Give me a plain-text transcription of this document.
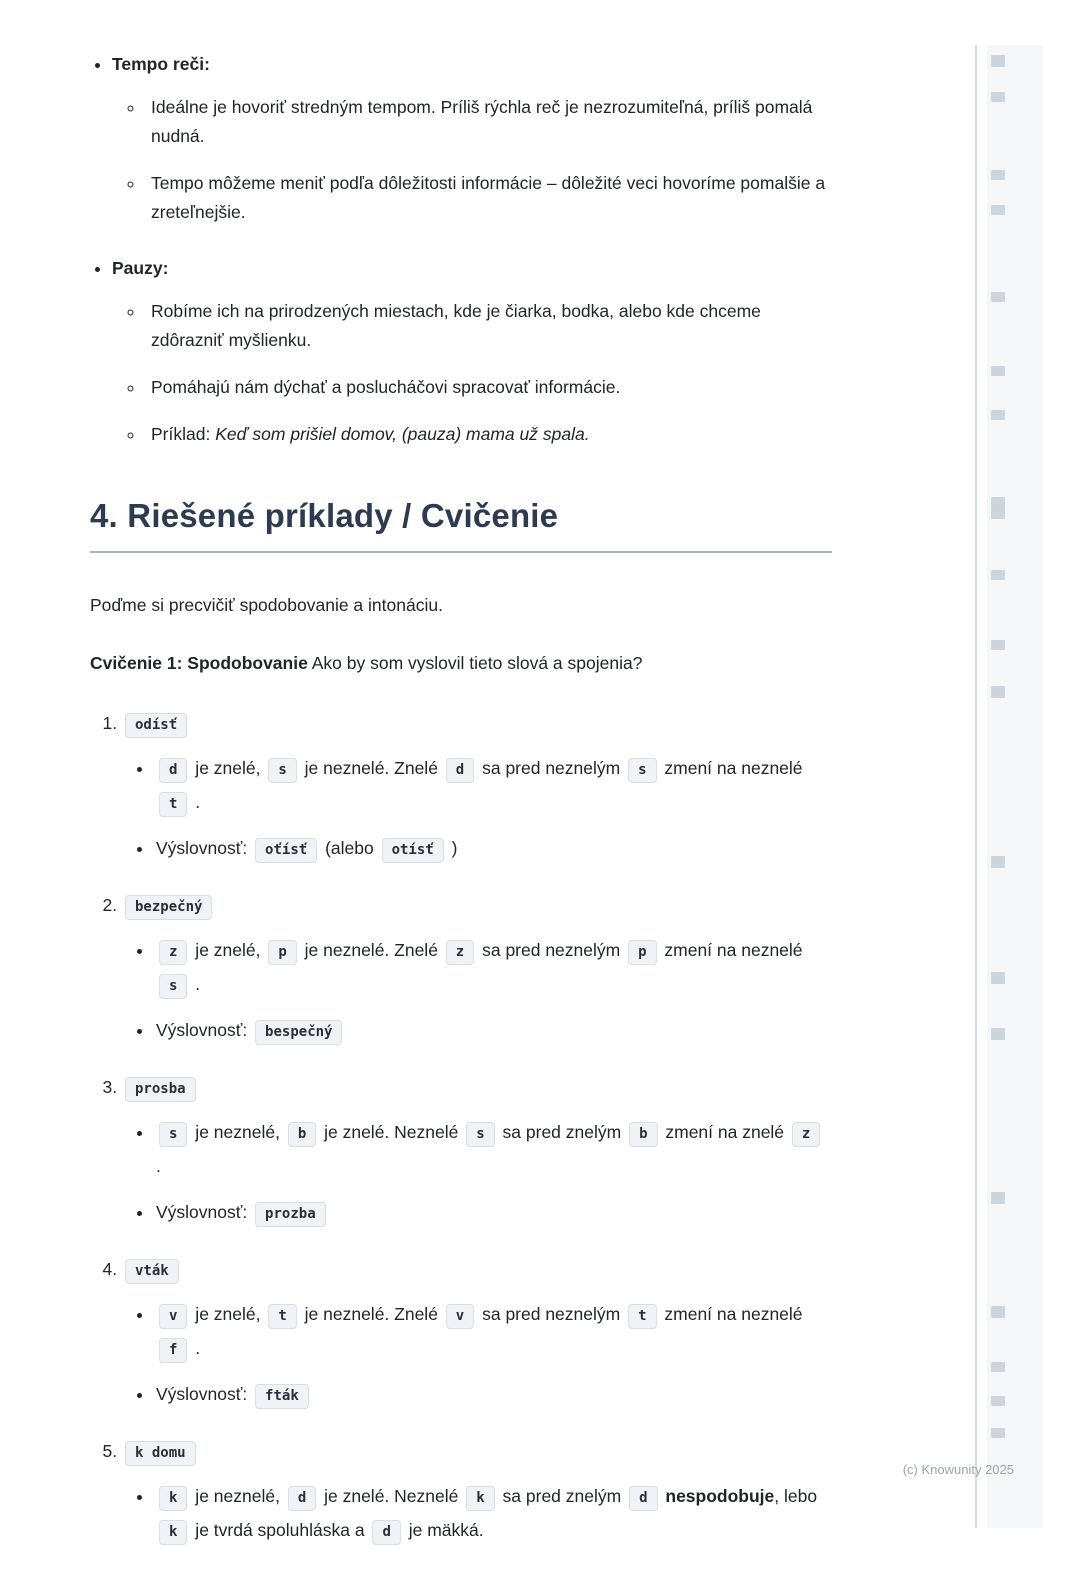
• Tempo reči:
◦ Ideálne je hovoriť stredným tempom. Príliš rýchla reč je nezrozumiteľná, príliš pomalá nudná.
◦ Tempo môžeme meniť podľa dôležitosti informácie – dôležité veci hovoríme pomalšie a zreteľnejšie.
• Pauzy:
◦ Robíme ich na prirodzených miestach, kde je čiarka, bodka, alebo kde chceme zdôrazniť myšlienku.
◦ Pomáhajú nám dýchať a poslucháčovi spracovať informácie.
◦ Príklad: Keď som prišiel domov, (pauza) mama už spala.
4. Riešené príklady / Cvičenie

Poďme si precvičiť spodobovanie a intonáciu.

Cvičenie 1: Spodobovanie Ako by som vyslovil tieto slová a spojenia?

1. odísť
• d je znelé, s je neznelé. Znelé d sa pred neznelým s zmení na neznelé t .
• Výslovnosť: oťísť (alebo otísť )
2. bezpečný
• z je znelé, p je neznelé. Znelé z sa pred neznelým p zmení na neznelé s .
• Výslovnosť: bespečný
3. prosba
• s je neznelé, b je znelé. Neznelé s sa pred znelým b zmení na znelé z .
• Výslovnosť: prozba
4. vták
• v je znelé, t je neznelé. Znelé v sa pred neznelým t zmení na neznelé f .
• Výslovnosť: fták
5. k domu
• k je neznelé, d je znelé. Neznelé k sa pred znelým d nespodobuje, lebo k je tvrdá spoluhláska a d je mäkká.
(c) Knowunity 2025
